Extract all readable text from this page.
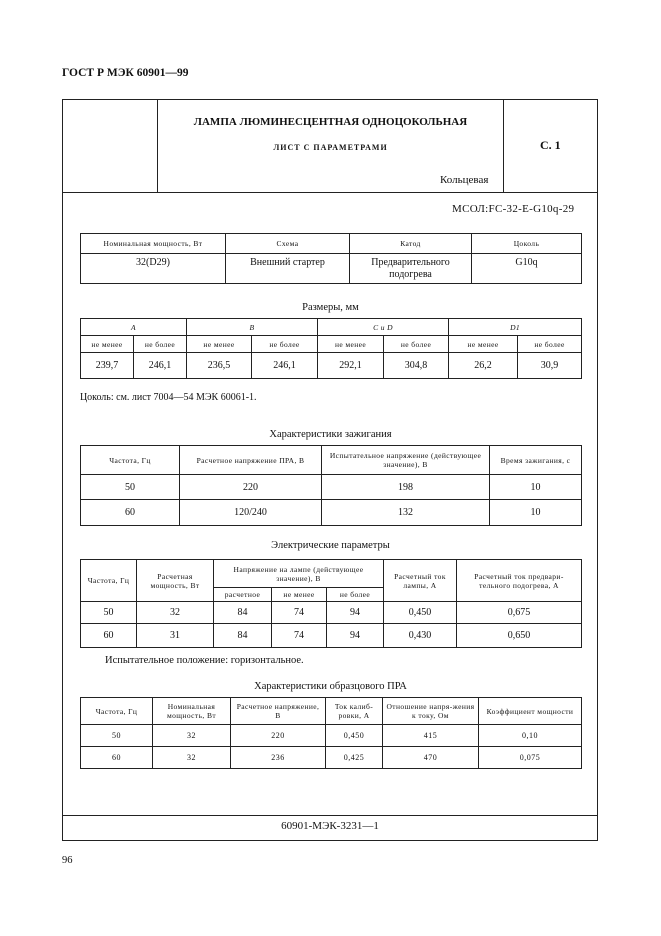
ГОСТ Р МЭК 60901—99
ЛАМПА ЛЮМИНЕСЦЕНТНАЯ ОДНОЦОКОЛЬНАЯ
ЛИСТ С ПАРАМЕТРАМИ
Кольцевая
С. 1
МСОЛ:FC-32-E-G10q-29
Номинальная мощность, Вт	Схема	Катод	Цоколь
32(D29)	Внешний стартер	Предварительного подогрева	G10q
Размеры, мм
A		B		C и D		D1	
не менее	не более	не менее	не более	не менее	не более	не менее	не более
239,7	246,1	236,5	246,1	292,1	304,8	26,2	30,9
Цоколь: см. лист 7004—54 МЭК 60061-1.
Характеристики зажигания
Частота, Гц	Расчетное напряжение ПРА, В	Испытательное напряжение (действующее значение), В	Время зажигания, с
50	220	198	10
60	120/240	132	10
Электрические параметры
Частота, Гц	Расчетная мощность, Вт	Напряжение на лампе (действующее значение), В			Расчетный ток лампы, А	Расчетный ток предвари-тельного подогрева, А
		расчетное	не менее	не более		
50	32	84	74	94	0,450	0,675
60	31	84	74	94	0,430	0,650
Испытательное положение: горизонтальное.
Характеристики образцового ПРА
Частота, Гц	Номинальная мощность, Вт	Расчетное напряжение, В	Ток калиб-ровки, А	Отношение напря-жения к току, Ом	Коэффициент мощности
50	32	220	0,450	415	0,10
60	32	236	0,425	470	0,075
60901-МЭК-3231—1
96
